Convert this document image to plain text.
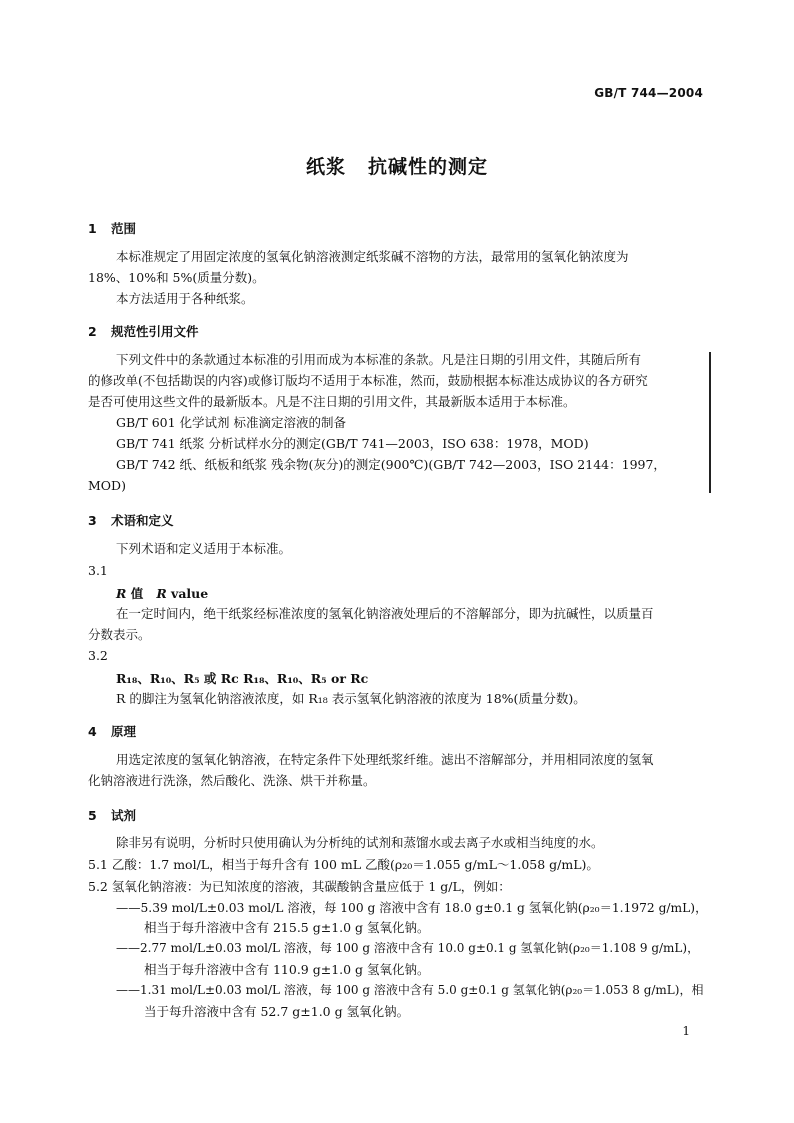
GB/T 744—2004
纸浆 抗碱性的测定
1 范围
本标准规定了用固定浓度的氢氧化钠溶液测定纸浆碱不溶物的方法，最常用的氢氧化钠浓度为
18%、10%和 5%(质量分数)。
本方法适用于各种纸浆。
2 规范性引用文件
下列文件中的条款通过本标准的引用而成为本标准的条款。凡是注日期的引用文件，其随后所有
的修改单(不包括勘误的内容)或修订版均不适用于本标准，然而，鼓励根据本标准达成协议的各方研究
是否可使用这些文件的最新版本。凡是不注日期的引用文件，其最新版本适用于本标准。
GB/T 601 化学试剂 标准滴定溶液的制备
GB/T 741 纸浆 分析试样水分的测定(GB/T 741—2003，ISO 638：1978，MOD)
GB/T 742 纸、纸板和纸浆 残余物(灰分)的测定(900℃)(GB/T 742—2003，ISO 2144：1997，
MOD)
3 术语和定义
下列术语和定义适用于本标准。
3.1
R 值 R value
在一定时间内，绝干纸浆经标准浓度的氢氧化钠溶液处理后的不溶解部分，即为抗碱性，以质量百
分数表示。
3.2
R₁₈、R₁₀、R₅ 或 Rc R₁₈、R₁₀、R₅ or Rc
R 的脚注为氢氧化钠溶液浓度，如 R₁₈ 表示氢氧化钠溶液的浓度为 18%(质量分数)。
4 原理
用选定浓度的氢氧化钠溶液，在特定条件下处理纸浆纤维。滤出不溶解部分，并用相同浓度的氢氧
化钠溶液进行洗涤，然后酸化、洗涤、烘干并称量。
5 试剂
除非另有说明，分析时只使用确认为分析纯的试剂和蒸馏水或去离子水或相当纯度的水。
5.1 乙酸：1.7 mol/L，相当于每升含有 100 mL 乙酸(ρ₂₀＝1.055 g/mL～1.058 g/mL)。
5.2 氢氧化钠溶液：为已知浓度的溶液，其碳酸钠含量应低于 1 g/L，例如：
——5.39 mol/L±0.03 mol/L 溶液，每 100 g 溶液中含有 18.0 g±0.1 g 氢氧化钠(ρ₂₀＝1.1972 g/mL)，
相当于每升溶液中含有 215.5 g±1.0 g 氢氧化钠。
——2.77 mol/L±0.03 mol/L 溶液，每 100 g 溶液中含有 10.0 g±0.1 g 氢氧化钠(ρ₂₀＝1.108 9 g/mL)，
相当于每升溶液中含有 110.9 g±1.0 g 氢氧化钠。
——1.31 mol/L±0.03 mol/L 溶液，每 100 g 溶液中含有 5.0 g±0.1 g 氢氧化钠(ρ₂₀＝1.053 8 g/mL)，相
当于每升溶液中含有 52.7 g±1.0 g 氢氧化钠。
1
